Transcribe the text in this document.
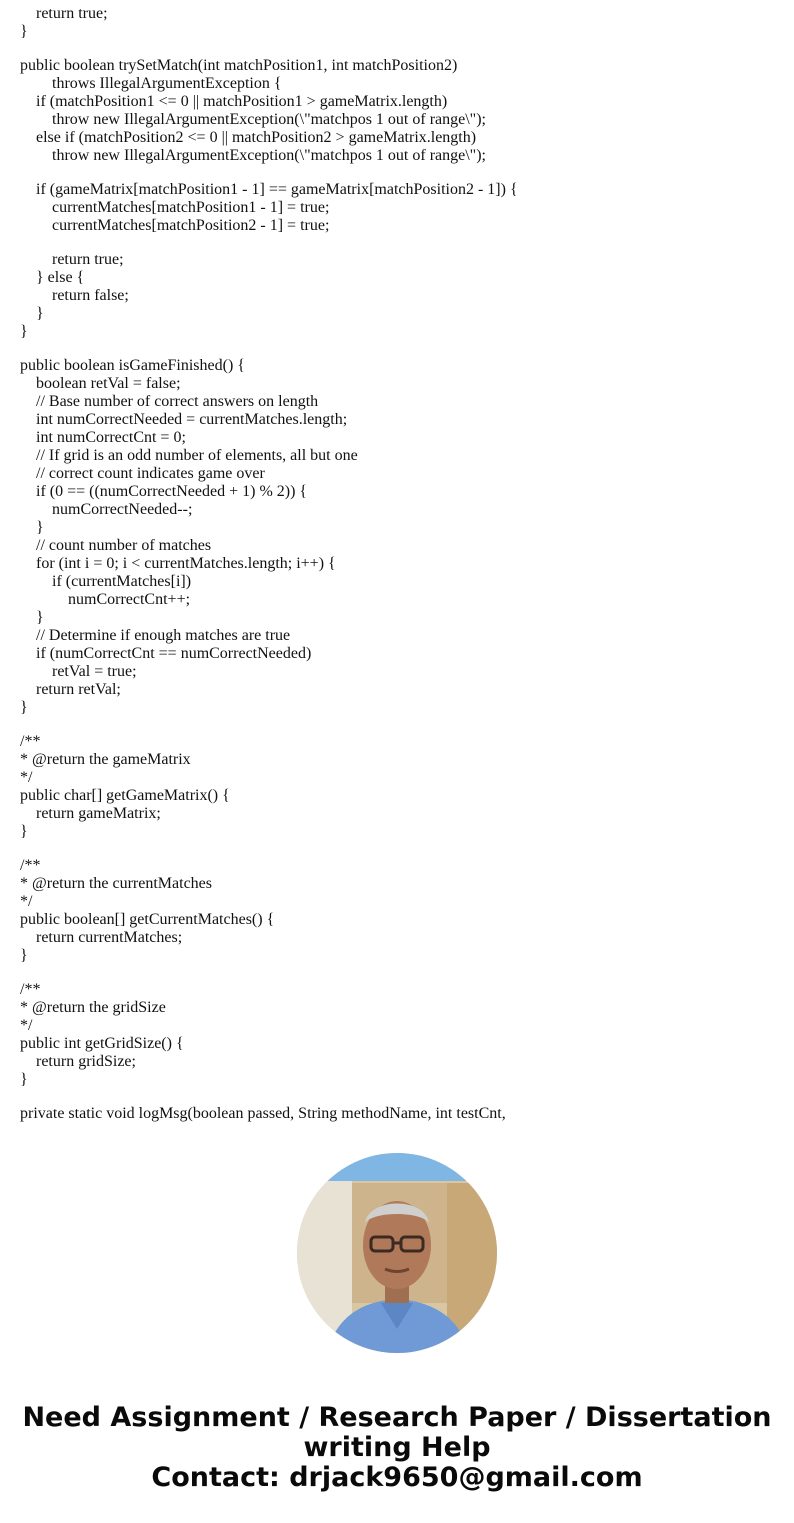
return true;
}
public boolean trySetMatch(int matchPosition1, int matchPosition2)
throws IllegalArgumentException {
if (matchPosition1 <= 0 || matchPosition1 > gameMatrix.length)
throw new IllegalArgumentException(\"matchpos 1 out of range\");
else if (matchPosition2 <= 0 || matchPosition2 > gameMatrix.length)
throw new IllegalArgumentException(\"matchpos 1 out of range\");
if (gameMatrix[matchPosition1 - 1] == gameMatrix[matchPosition2 - 1]) {
currentMatches[matchPosition1 - 1] = true;
currentMatches[matchPosition2 - 1] = true;
return true;
} else {
return false;
}
}
public boolean isGameFinished() {
boolean retVal = false;
// Base number of correct answers on length
int numCorrectNeeded = currentMatches.length;
int numCorrectCnt = 0;
// If grid is an odd number of elements, all but one
// correct count indicates game over
if (0 == ((numCorrectNeeded + 1) % 2)) {
numCorrectNeeded--;
}
// count number of matches
for (int i = 0; i < currentMatches.length; i++) {
if (currentMatches[i])
numCorrectCnt++;
}
// Determine if enough matches are true
if (numCorrectCnt == numCorrectNeeded)
retVal = true;
return retVal;
}
/**
* @return the gameMatrix
*/
public char[] getGameMatrix() {
return gameMatrix;
}
/**
* @return the currentMatches
*/
public boolean[] getCurrentMatches() {
return currentMatches;
}
/**
* @return the gridSize
*/
public int getGridSize() {
return gridSize;
}
private static void logMsg(boolean passed, String methodName, int testCnt,
Need Assignment / Research Paper / Dissertation
writing Help
Contact: drjack9650@gmail.com
